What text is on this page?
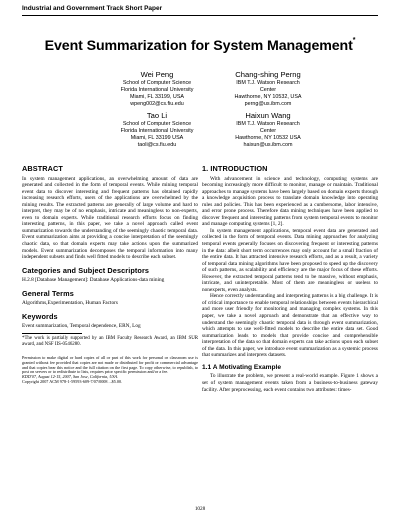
Industrial and Government Track Short Paper
Event Summarization for System Management*
Wei Peng
School of Computer Science
Florida International University
Miami, FL 33199, USA
wpeng002@cs.fiu.edu
Chang-shing Perng
IBM T.J. Watson Research
Center
Hawthorne, NY 10532, USA
perng@us.ibm.com
Tao Li
School of Computer Science
Florida International University
Miami, FL 33199 USA
taoli@cs.fiu.edu
Haixun Wang
IBM T.J. Watson Research
Center
Hawthorne, NY 10532 USA
haixun@us.ibm.com
ABSTRACT

In system management applications, an overwhelming amount of data are generated and collected in the form of temporal events. While mining temporal event data to discover interesting and frequent patterns has obtained rapidly increasing research efforts, users of the applications are overwhelmed by the mining results. The extracted patterns are generally of large volume and hard to interpret, they may be of no emphasis, intricate and meaningless to non-experts, even to domain experts. While traditional research efforts focus on finding interesting patterns, in this paper, we take a novel approach called event summarization towards the understanding of the seemingly chaotic temporal data. Event summarization aims at providing a concise interpretation of the seemingly chaotic data, so that domain experts may take actions upon the summarized models. Event summarization decomposes the temporal information into many independent subsets and finds well fitted models to describe each subset.

Categories and Subject Descriptors

H.2.8 [Database Management]: Database Applications-data mining

General Terms

Algorithms,Experimentation, Human Factors

Keywords

Event summarization, Temporal dependence, ERN, Log

*The work is partially supported by an IBM Faculty Research Award, an IBM SUR award, and NSF IIS-0546280.

Permission to make digital or hard copies of all or part of this work for personal or classroom use is granted without fee provided that copies are not made or distributed for profit or commercial advantage and that copies bear this notice and the full citation on the first page. To copy otherwise, to republish, to post on servers or to redistribute to lists, requires prior specific permission and/or a fee.

KDD'07, August 12-15, 2007, San Jose, California, USA.

Copyright 2007 ACM 978-1-59593-609-7/07/0008 ...$5.00.

1. INTRODUCTION

With advancement in science and technology, computing systems are becoming increasingly more difficult to monitor, manage or maintain. Traditional approaches to manage systems have been largely based on domain experts through a knowledge acquisition process to translate domain knowledge into operating rules and policies. This has been experienced as a cumbersome, labor intensive, and error prone process. Therefore data mining techniques have been applied to discover frequent and interesting patterns from system temporal events to monitor and manage computing systems [1, 2].

In system management applications, temporal event data are generated and collected in the form of temporal events. Data mining approaches for analyzing temporal events generally focuses on discovering frequent or interesting patterns in the data: albeit short term occurrences may only account for a small fraction of the entire data. It has attracted intensive research efforts, and as a result, a variety of temporal data mining algorithms have been proposed to speed up the discovery of such patterns, as scalability and efficiency are the major focus of these efforts. However, the extracted temporal patterns tend to be massive, without emphasis, intricate, and uninterpretable. Most of them are meaningless or useless to nonexperts, even analysts.

Hence correctly understanding and interpreting patterns is a big challenge. It is of critical importance to enable temporal relationships between events hierarchical and more user friendly for monitoring and managing complex systems. In this paper, we take a novel approach and demonstrate that an effective way to understand the seemingly chaotic temporal data is through event summarization, which attempts to use well-fitted models to describe the entire data set. Good summarization leads to models that provide concise and comprehensible interpretation of the data so that domain experts can take actions upon each subset of the data. In this paper, we introduce event summarization as a systemic process that summarizes and interprets datasets.

1.1 A Motivating Example

To illustrate the problem, we present a real-world example. Figure 1 shows a set of system management events taken from a business-to-business gateway facility. After preprocessing, each event contains two attributes: times-

1028
